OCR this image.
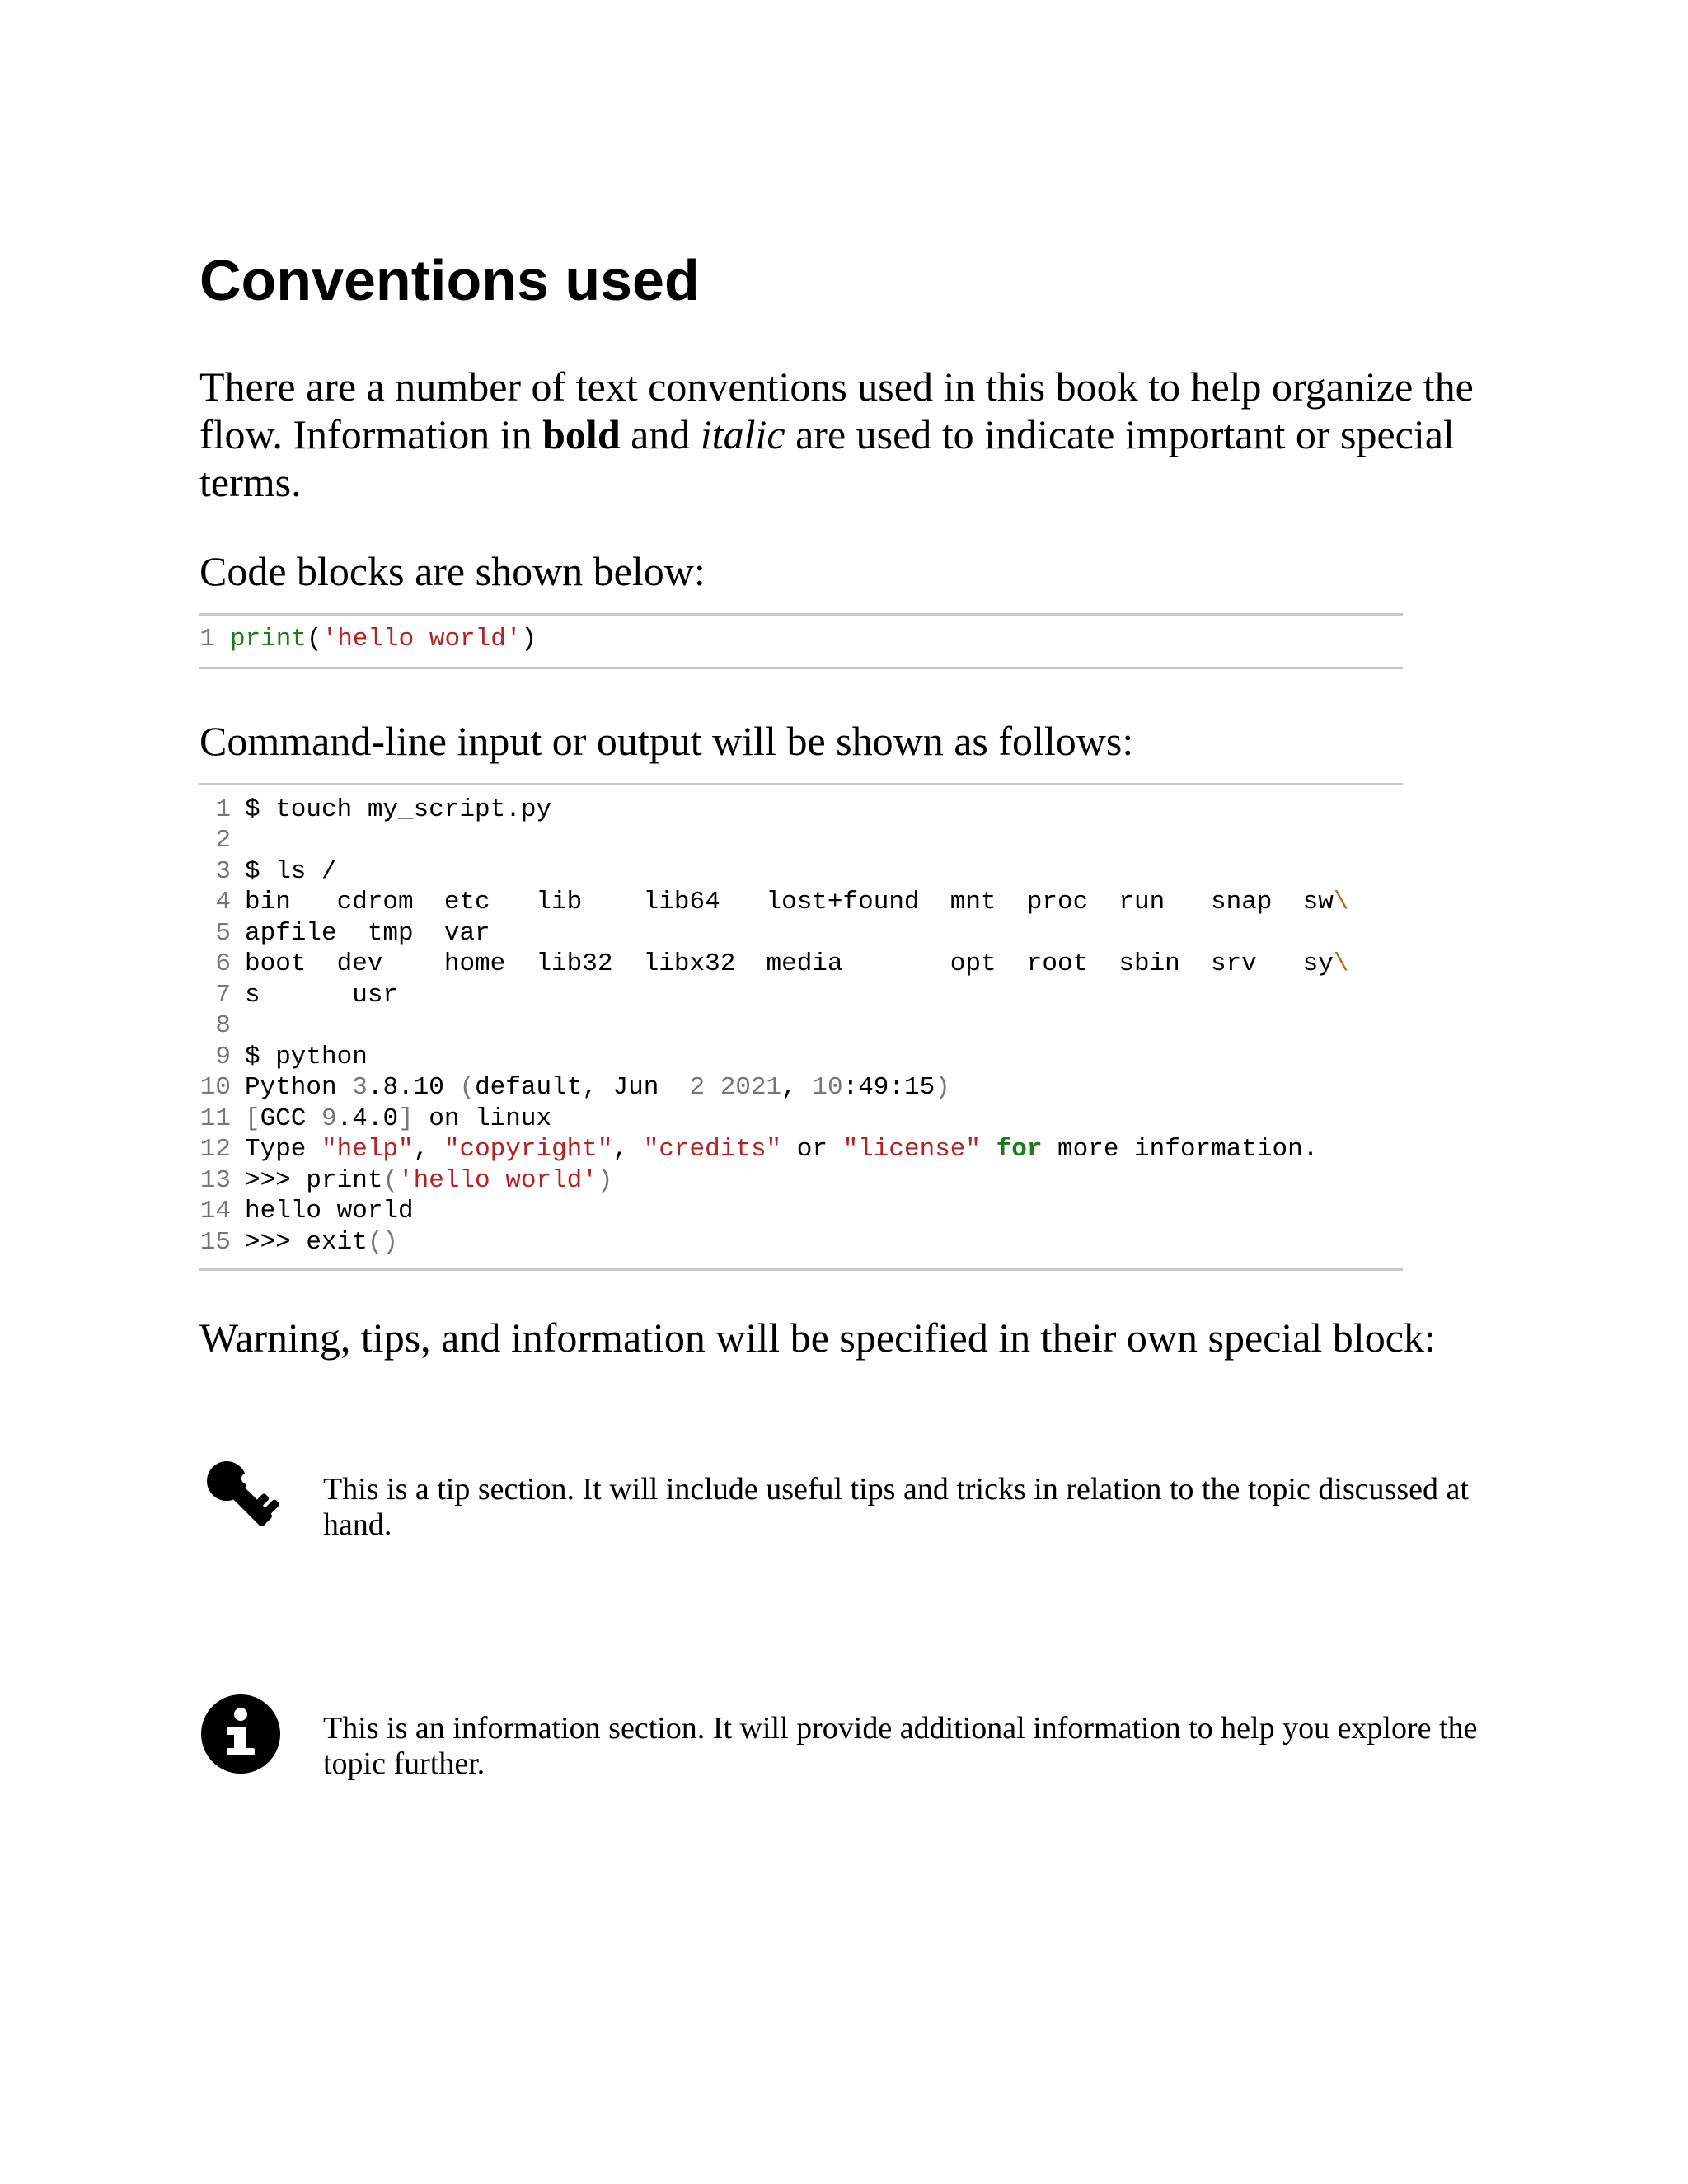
Conventions used

There are a number of text conventions used in this book to help organize the flow. Information in bold and italic are used to indicate important or special terms.

Code blocks are shown below:

1 print('hello world')

Command-line input or output will be shown as follows:

1 $ touch my_script.py
2
3 $ ls /
4 bin   cdrom  etc   lib    lib64   lost+found  mnt  proc  run   snap  sw\
5 apfile  tmp  var
6 boot  dev    home  lib32  libx32  media       opt  root  sbin  srv   sy\
7 s      usr
8
9 $ python
10 Python 3.8.10 (default, Jun  2 2021, 10:49:15)
11 [GCC 9.4.0] on linux
12 Type "help", "copyright", "credits" or "license" for more information.
13 >>> print('hello world')
14 hello world
15 >>> exit()

Warning, tips, and information will be specified in their own special block:

This is a tip section. It will include useful tips and tricks in relation to the topic discussed at hand.
This is an information section. It will provide additional information to help you explore the topic further.
